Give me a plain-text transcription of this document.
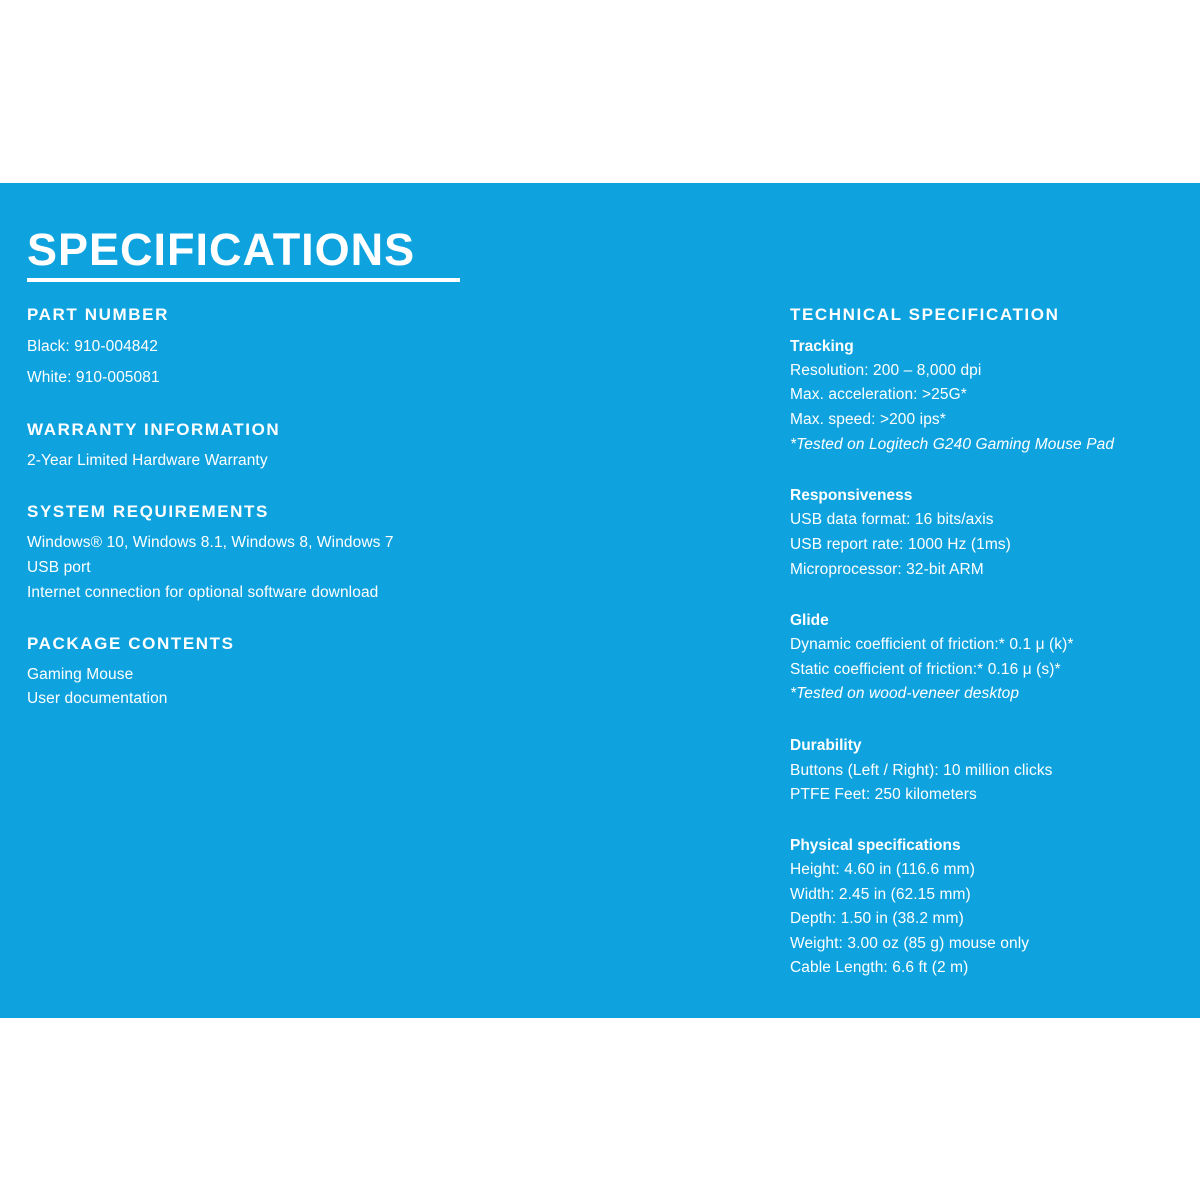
SPECIFICATIONS
PART NUMBER
Black: 910-004842
White: 910-005081
WARRANTY INFORMATION
2-Year Limited Hardware Warranty
SYSTEM REQUIREMENTS
Windows® 10, Windows 8.1, Windows 8, Windows 7
USB port
Internet connection for optional software download
PACKAGE CONTENTS
Gaming Mouse
User documentation
TECHNICAL SPECIFICATION
Tracking
Resolution: 200 – 8,000 dpi
Max. acceleration: >25G*
Max. speed: >200 ips*
*Tested on Logitech G240 Gaming Mouse Pad
Responsiveness
USB data format: 16 bits/axis
USB report rate: 1000 Hz (1ms)
Microprocessor: 32-bit ARM
Glide
Dynamic coefficient of friction:* 0.1 μ (k)*
Static coefficient of friction:* 0.16 μ (s)*
*Tested on wood-veneer desktop
Durability
Buttons (Left / Right): 10 million clicks
PTFE Feet: 250 kilometers
Physical specifications
Height: 4.60 in (116.6 mm)
Width: 2.45 in (62.15 mm)
Depth: 1.50 in (38.2 mm)
Weight: 3.00 oz (85 g) mouse only
Cable Length: 6.6 ft (2 m)
